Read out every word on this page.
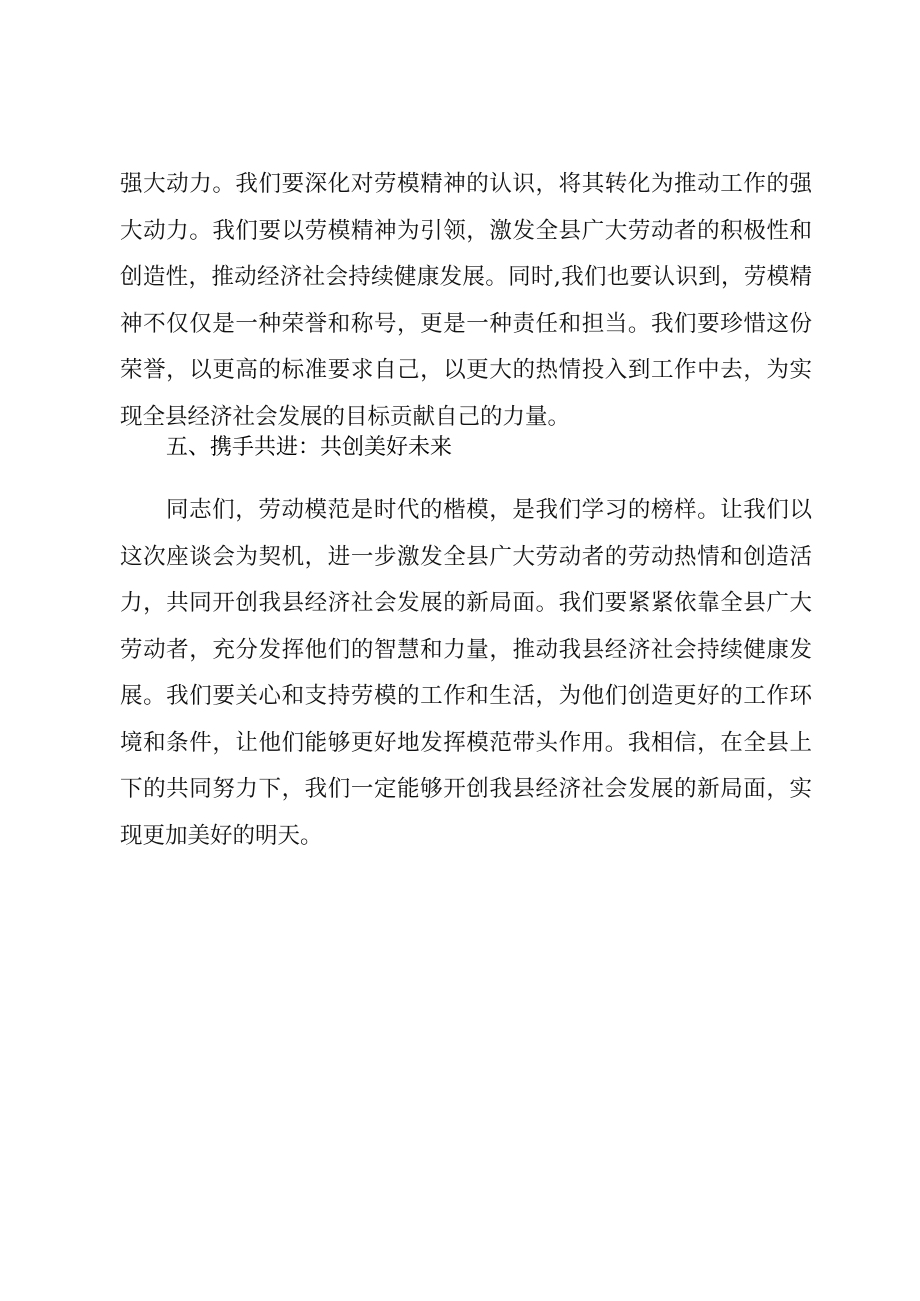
强大动力。我们要深化对劳模精神的认识，将其转化为推动工作的强

大动力。我们要以劳模精神为引领，激发全县广大劳动者的积极性和

创造性，推动经济社会持续健康发展。同时,我们也要认识到，劳模精

神不仅仅是一种荣誉和称号，更是一种责任和担当。我们要珍惜这份

荣誉，以更高的标准要求自己，以更大的热情投入到工作中去，为实

现全县经济社会发展的目标贡献自己的力量。

五、携手共进：共创美好未来

同志们，劳动模范是时代的楷模，是我们学习的榜样。让我们以

这次座谈会为契机，进一步激发全县广大劳动者的劳动热情和创造活

力，共同开创我县经济社会发展的新局面。我们要紧紧依靠全县广大

劳动者，充分发挥他们的智慧和力量，推动我县经济社会持续健康发

展。我们要关心和支持劳模的工作和生活，为他们创造更好的工作环

境和条件，让他们能够更好地发挥模范带头作用。我相信，在全县上

下的共同努力下，我们一定能够开创我县经济社会发展的新局面，实

现更加美好的明天。
